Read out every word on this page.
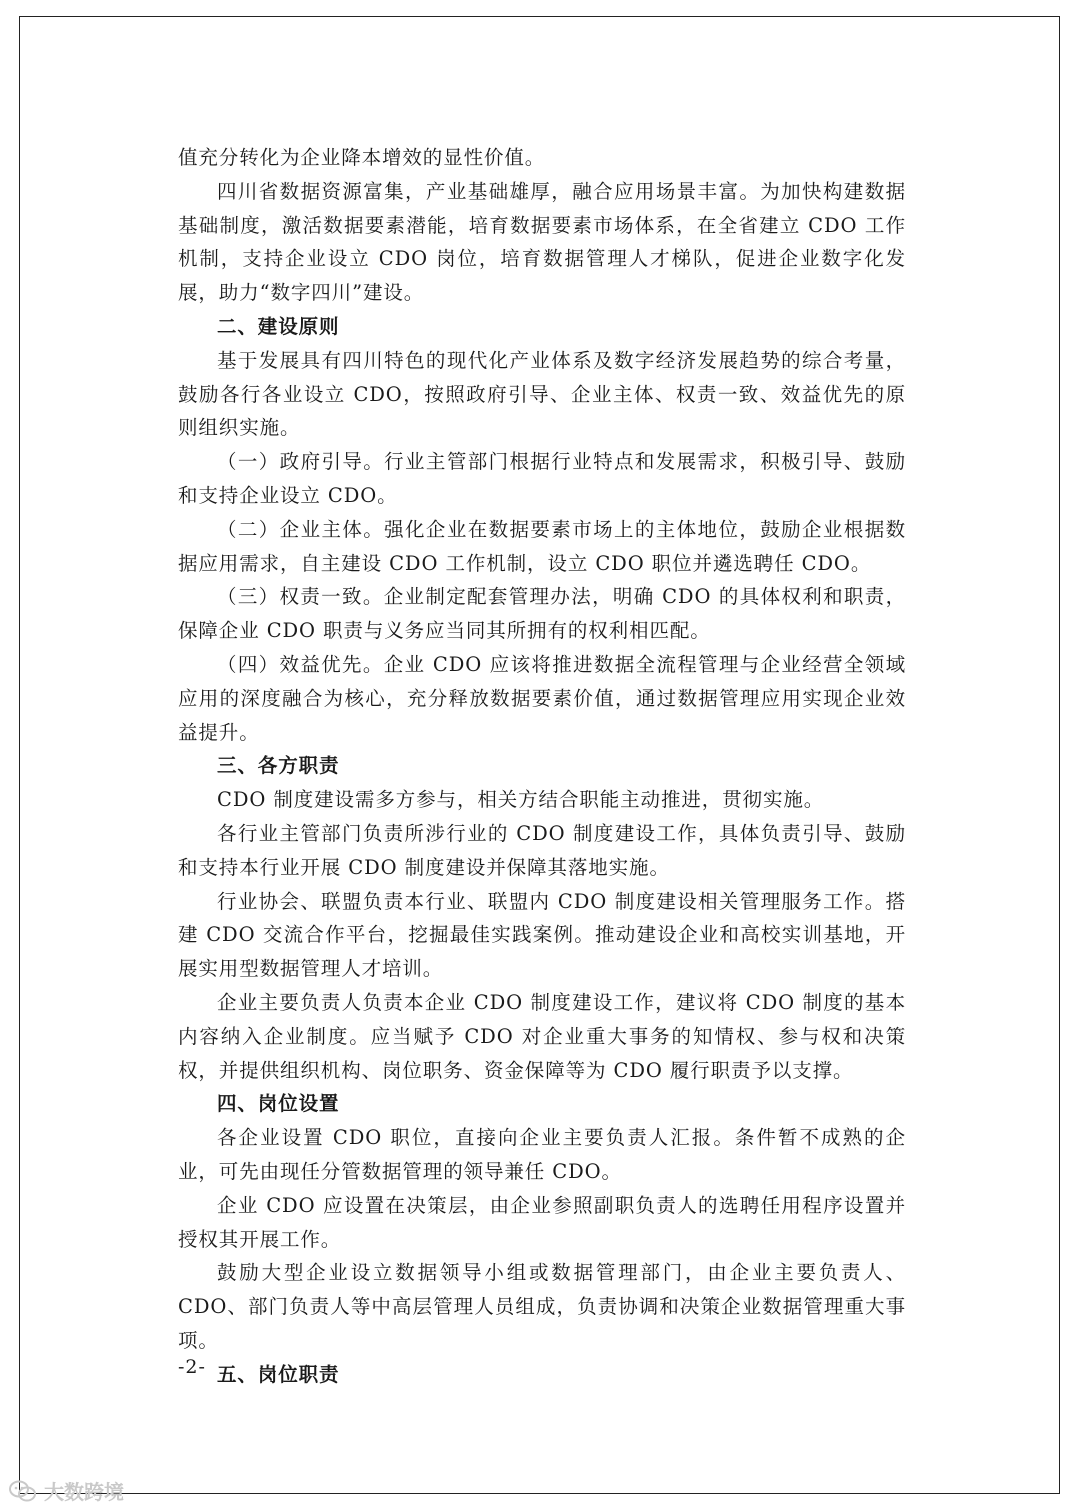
值充分转化为企业降本增效的显性价值。

四川省数据资源富集，产业基础雄厚，融合应用场景丰富。为加快构建数据基础制度，激活数据要素潜能，培育数据要素市场体系，在全省建立 CDO 工作机制，支持企业设立 CDO 岗位，培育数据管理人才梯队，促进企业数字化发展，助力“数字四川”建设。

二、建设原则

基于发展具有四川特色的现代化产业体系及数字经济发展趋势的综合考量，鼓励各行各业设立 CDO，按照政府引导、企业主体、权责一致、效益优先的原则组织实施。

（一）政府引导。行业主管部门根据行业特点和发展需求，积极引导、鼓励和支持企业设立 CDO。

（二）企业主体。强化企业在数据要素市场上的主体地位，鼓励企业根据数据应用需求，自主建设 CDO 工作机制，设立 CDO 职位并遴选聘任 CDO。

（三）权责一致。企业制定配套管理办法，明确 CDO 的具体权利和职责，保障企业 CDO 职责与义务应当同其所拥有的权利相匹配。

（四）效益优先。企业 CDO 应该将推进数据全流程管理与企业经营全领域应用的深度融合为核心，充分释放数据要素价值，通过数据管理应用实现企业效益提升。

三、各方职责

CDO 制度建设需多方参与，相关方结合职能主动推进，贯彻实施。

各行业主管部门负责所涉行业的 CDO 制度建设工作，具体负责引导、鼓励和支持本行业开展 CDO 制度建设并保障其落地实施。

行业协会、联盟负责本行业、联盟内 CDO 制度建设相关管理服务工作。搭建 CDO 交流合作平台，挖掘最佳实践案例。推动建设企业和高校实训基地，开展实用型数据管理人才培训。

企业主要负责人负责本企业 CDO 制度建设工作，建议将 CDO 制度的基本内容纳入企业制度。应当赋予 CDO 对企业重大事务的知情权、参与权和决策权，并提供组织机构、岗位职务、资金保障等为 CDO 履行职责予以支撑。

四、岗位设置

各企业设置 CDO 职位，直接向企业主要负责人汇报。条件暂不成熟的企业，可先由现任分管数据管理的领导兼任 CDO。

企业 CDO 应设置在决策层，由企业参照副职负责人的选聘任用程序设置并授权其开展工作。

鼓励大型企业设立数据领导小组或数据管理部门，由企业主要负责人、CDO、部门负责人等中高层管理人员组成，负责协调和决策企业数据管理重大事项。

五、岗位职责

-2-
大数跨境
